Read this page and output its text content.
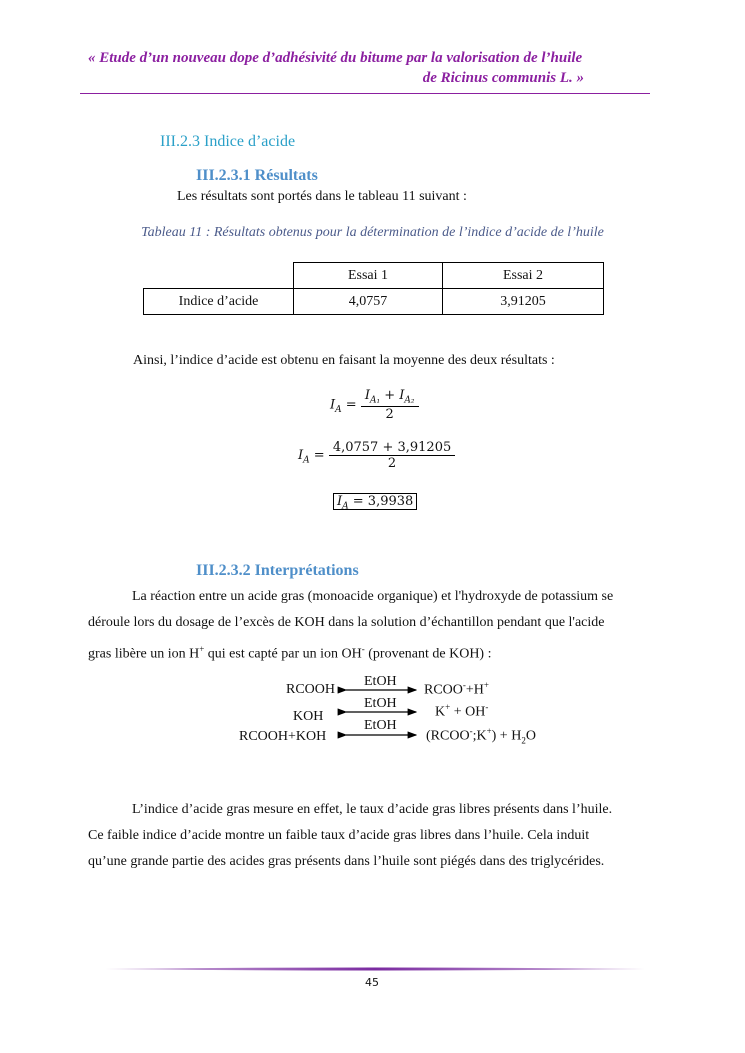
« Etude d’un nouveau dope d’adhésivité du bitume par la valorisation de l’huile
de Ricinus communis L. »
III.2.3 Indice d’acide
III.2.3.1 Résultats
Les résultats sont portés dans le tableau 11 suivant :
Tableau 11 : Résultats obtenus pour la détermination de l’indice d’acide de l’huile
	Essai 1	Essai 2
Indice d’acide	4,0757	3,91205
Ainsi, l’indice d’acide est obtenu en faisant la moyenne des deux résultats :
$I_A = \frac{I_{A_1} + I_{A_2}}{2}$
$I_A = \frac{4,0757 + 3,91205}{2}$
$I_A = 3,9938$
III.2.3.2 Interprétations
La réaction entre un acide gras (monoacide organique) et l'hydroxyde de potassium se
déroule lors du dosage de l’excès de KOH dans la solution d’échantillon pendant que l'acide
gras libère un ion H+ qui est capté par un ion OH- (provenant de KOH) :
RCOOH
EtOH
RCOO-+H+
KOH
EtOH
K+ + OH-
RCOOH+KOH
EtOH
(RCOO-;K+) + $H_2O$
L’indice d’acide gras mesure en effet, le taux d’acide gras libres présents dans l’huile.
Ce faible indice d’acide montre un faible taux d’acide gras libres dans l’huile. Cela induit
qu’une grande partie des acides gras présents dans l’huile sont piégés dans des triglycérides.
45
